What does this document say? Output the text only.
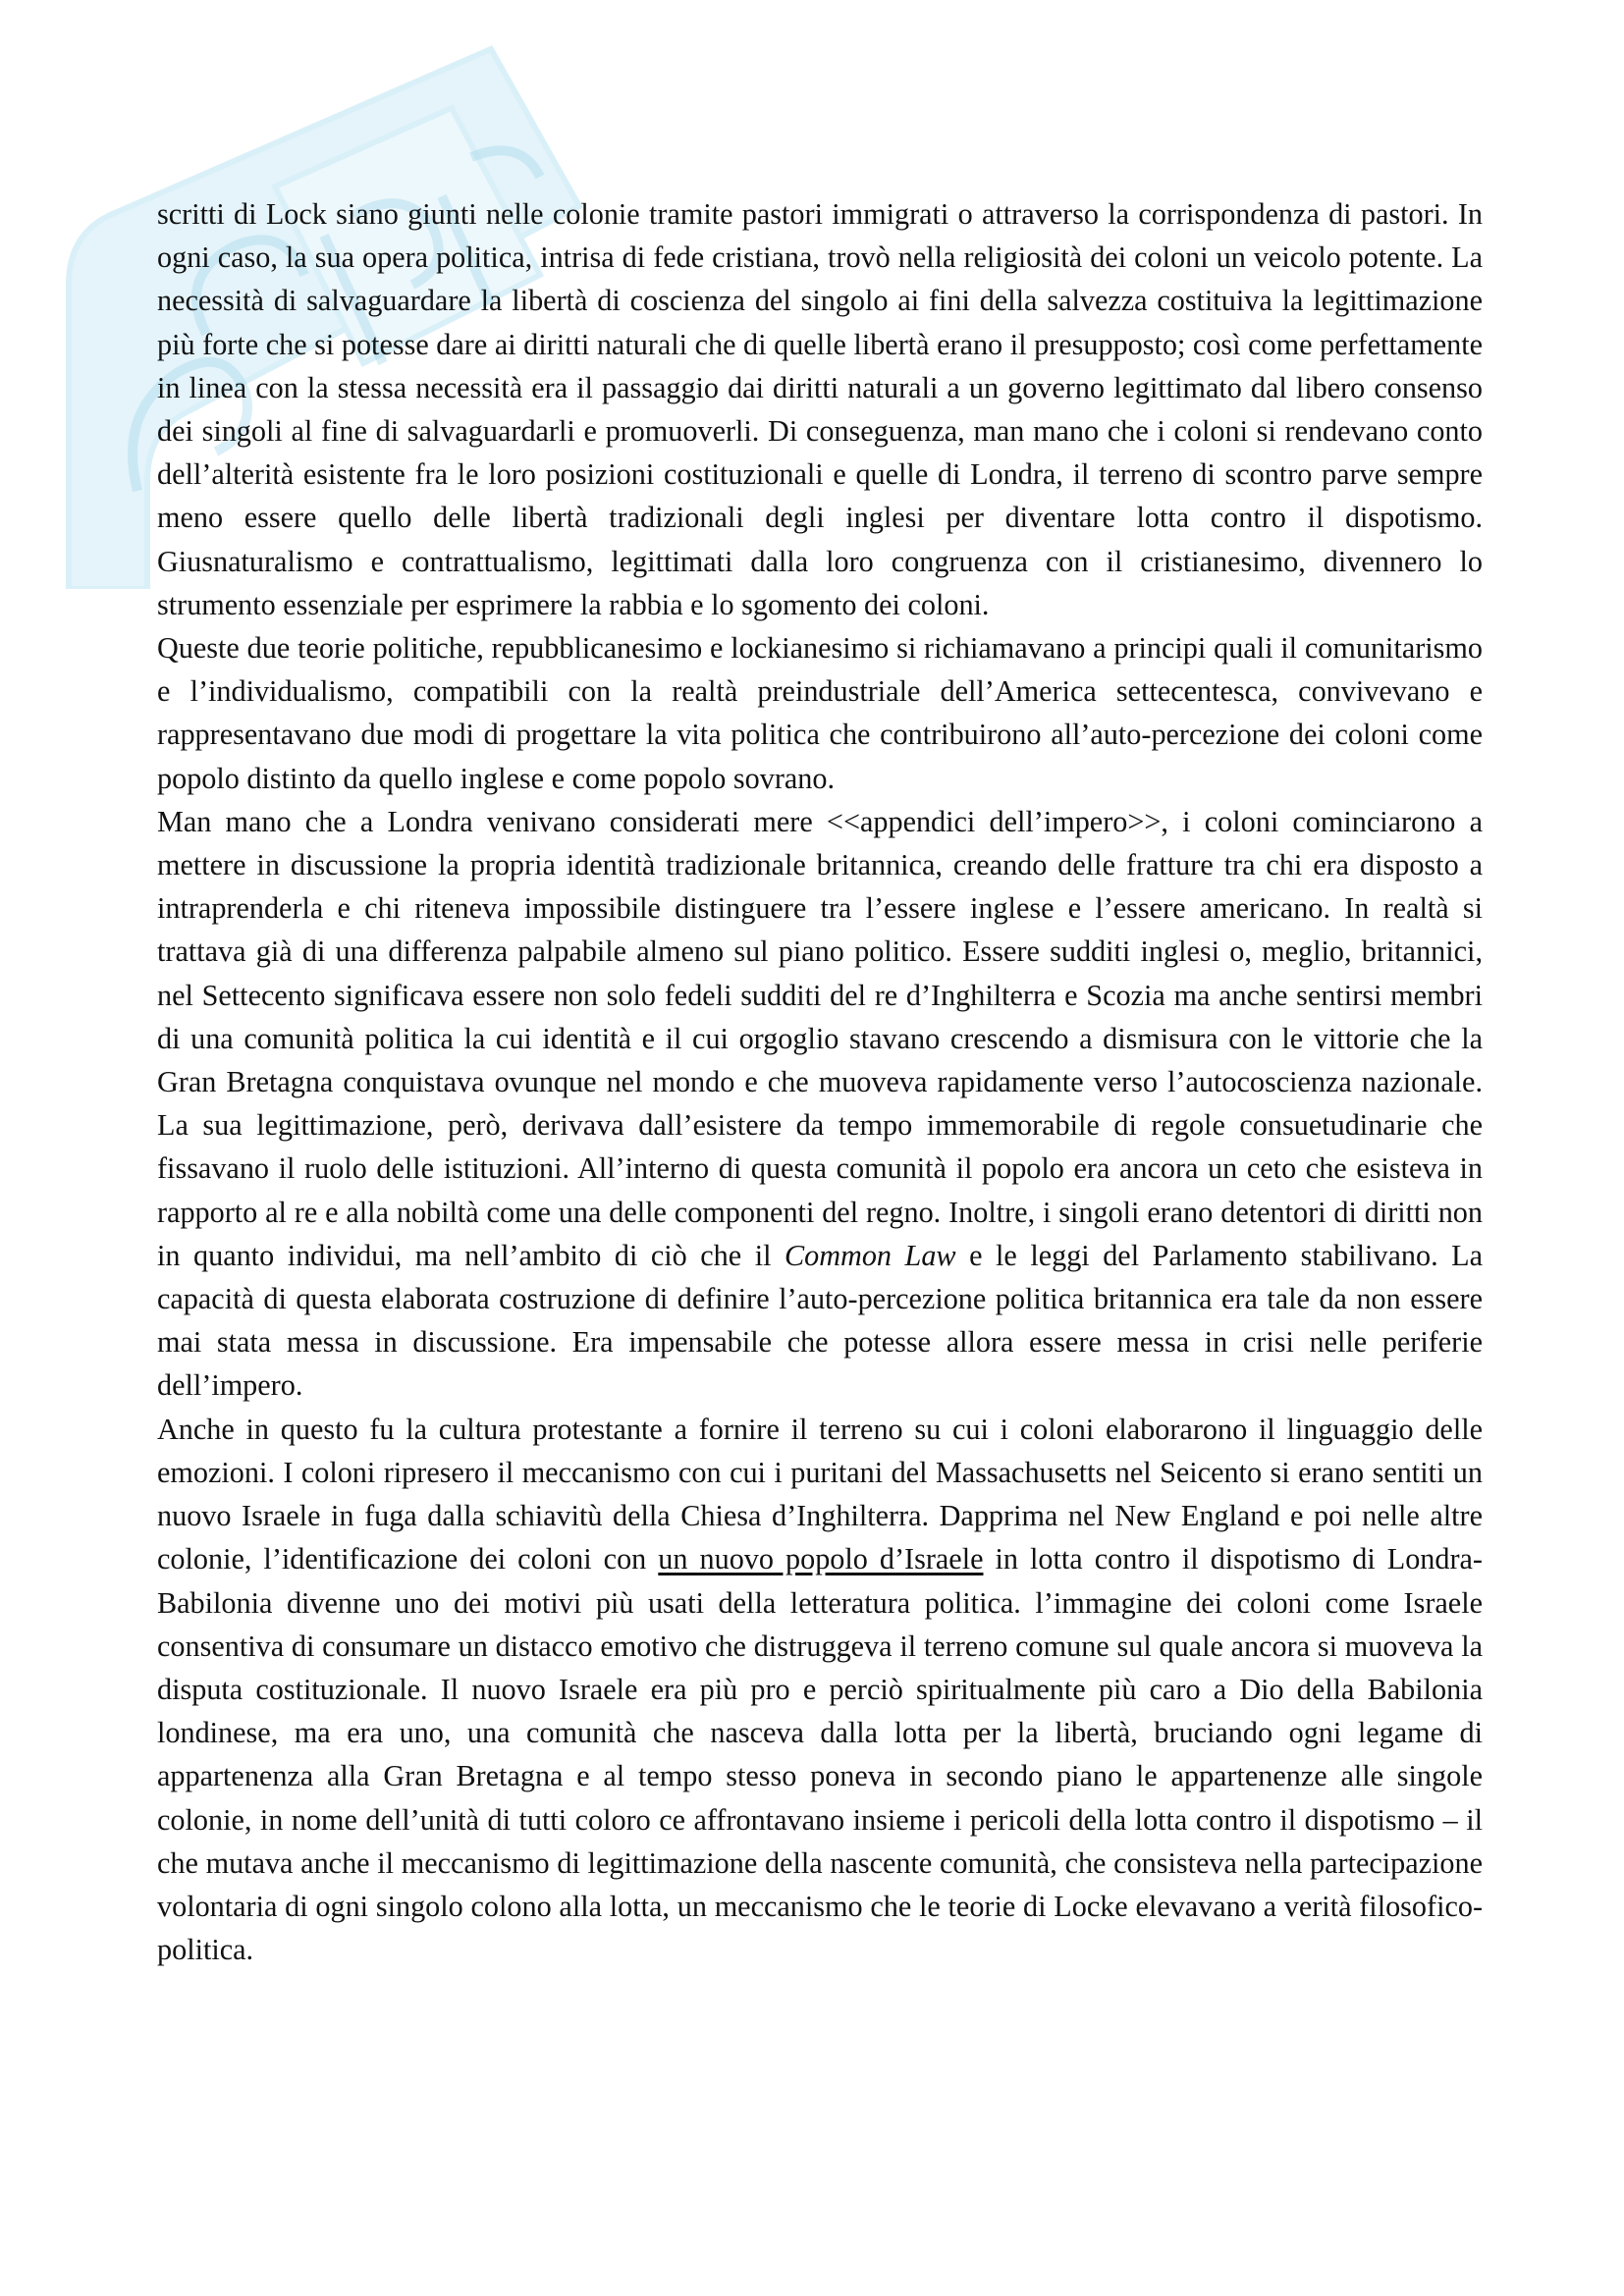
scritti di Lock siano giunti nelle colonie tramite pastori immigrati o attraverso la corrispondenza di pastori. In ogni caso, la sua opera politica, intrisa di fede cristiana, trovò nella religiosità dei coloni un veicolo potente. La necessità di salvaguardare la libertà di coscienza del singolo ai fini della salvezza costituiva la legittimazione più forte che si potesse dare ai diritti naturali che di quelle libertà erano il presupposto; così come perfettamente in linea con la stessa necessità era il passaggio dai diritti naturali a un governo legittimato dal libero consenso dei singoli al fine di salvaguardarli e promuoverli. Di conseguenza, man mano che i coloni si rendevano conto dell’alterità esistente fra le loro posizioni costituzionali e quelle di Londra, il terreno di scontro parve sempre meno essere quello delle libertà tradizionali degli inglesi per diventare lotta contro il dispotismo. Giusnaturalismo e contrattualismo, legittimati dalla loro congruenza con il cristianesimo, divennero lo strumento essenziale per esprimere la rabbia e lo sgomento dei coloni.

Queste due teorie politiche, repubblicanesimo e lockianesimo si richiamavano a principi quali il comunitarismo e l’individualismo, compatibili con la realtà preindustriale dell’America settecentesca, convivevano e rappresentavano due modi di progettare la vita politica che contribuirono all’auto-percezione dei coloni come popolo distinto da quello inglese e come popolo sovrano.

Man mano che a Londra venivano considerati mere <<appendici dell’impero>>, i coloni cominciarono a mettere in discussione la propria identità tradizionale britannica, creando delle fratture tra chi era disposto a intraprenderla e chi riteneva impossibile distinguere tra l’essere inglese e l’essere americano. In realtà si trattava già di una differenza palpabile almeno sul piano politico. Essere sudditi inglesi o, meglio, britannici, nel Settecento significava essere non solo fedeli sudditi del re d’Inghilterra e Scozia ma anche sentirsi membri di una comunità politica la cui identità e il cui orgoglio stavano crescendo a dismisura con le vittorie che la Gran Bretagna conquistava ovunque nel mondo e che muoveva rapidamente verso l’autocoscienza nazionale. La sua legittimazione, però, derivava dall’esistere da tempo immemorabile di regole consuetudinarie che fissavano il ruolo delle istituzioni. All’interno di questa comunità il popolo era ancora un ceto che esisteva in rapporto al re e alla nobiltà come una delle componenti del regno. Inoltre, i singoli erano detentori di diritti non in quanto individui, ma nell’ambito di ciò che il Common Law e le leggi del Parlamento stabilivano. La capacità di questa elaborata costruzione di definire l’auto-percezione politica britannica era tale da non essere mai stata messa in discussione. Era impensabile che potesse allora essere messa in crisi nelle periferie dell’impero.

Anche in questo fu la cultura protestante a fornire il terreno su cui i coloni elaborarono il linguaggio delle emozioni. I coloni ripresero il meccanismo con cui i puritani del Massachusetts nel Seicento si erano sentiti un nuovo Israele in fuga dalla schiavitù della Chiesa d’Inghilterra. Dapprima nel New England e poi nelle altre colonie, l’identificazione dei coloni con un nuovo popolo d’Israele in lotta contro il dispotismo di Londra-Babilonia divenne uno dei motivi più usati della letteratura politica. l’immagine dei coloni come Israele consentiva di consumare un distacco emotivo che distruggeva il terreno comune sul quale ancora si muoveva la disputa costituzionale. Il nuovo Israele era più pro e perciò spiritualmente più caro a Dio della Babilonia londinese, ma era uno, una comunità che nasceva dalla lotta per la libertà, bruciando ogni legame di appartenenza alla Gran Bretagna e al tempo stesso poneva in secondo piano le appartenenze alle singole colonie, in nome dell’unità di tutti coloro ce affrontavano insieme i pericoli della lotta contro il dispotismo – il che mutava anche il meccanismo di legittimazione della nascente comunità, che consisteva nella partecipazione volontaria di ogni singolo colono alla lotta, un meccanismo che le teorie di Locke elevavano a verità filosofico-politica.
